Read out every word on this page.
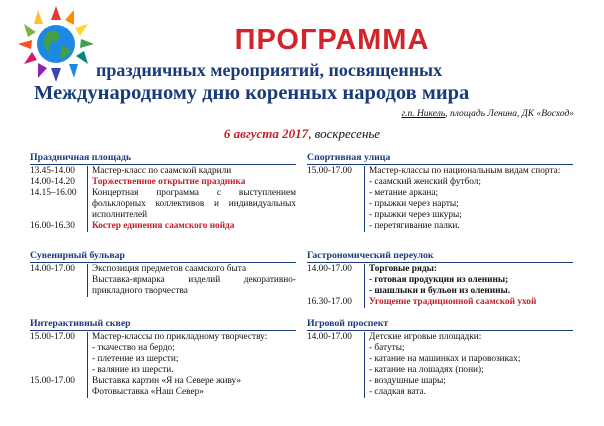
ПРОГРАММА
праздничных мероприятий, посвященных
Международному дню коренных народов мира
г.п. Никель, площадь Ленина, ДК «Восход»
6 августа 2017, воскресенье
Праздничная площадь
13.45-14.00	Мастер-класс по саамской кадрили
14.00-14.20	Торжественное открытие праздника
14.15–16.00	Концертная программа с выступлением фольклорных коллективов и индивидуальных исполнителей
16.00-16.30	Костер единения саамского нойда
Сувенирный бульвар
14.00-17.00	Экспозиция предметов саамского быта
Выставка-ярмарка изделий декоративно-прикладного творчества
Интерактивный сквер
15.00-17.00	Мастер-классы по прикладному творчеству:
- ткачество на бердо;
- плетение из шерсти;
- валяние из шерсти.
15.00-17.00	Выставка картин «Я на Севере живу»
Фотовыставка «Наш Север»
Спортивная улица
15.00-17.00	Мастер-классы по национальным видам спорта:
- саамский женский футбол;
- метание аркана;
- прыжки через нарты;
- прыжки через шкуры;
- перетягивание палки.
Гастрономический переулок
14.00-17.00	Торговые ряды:
- готовая продукция из оленины;
- шашлыки и бульон из оленины.
16.30-17.00	Угощение традиционной саамской ухой
Игровой проспект
14.00-17.00	Детские игровые площадки:
- батуты;
- катание на машинках и паровозиках;
- катание на лошадях (пони);
- воздушные шары;
- сладкая вата.
